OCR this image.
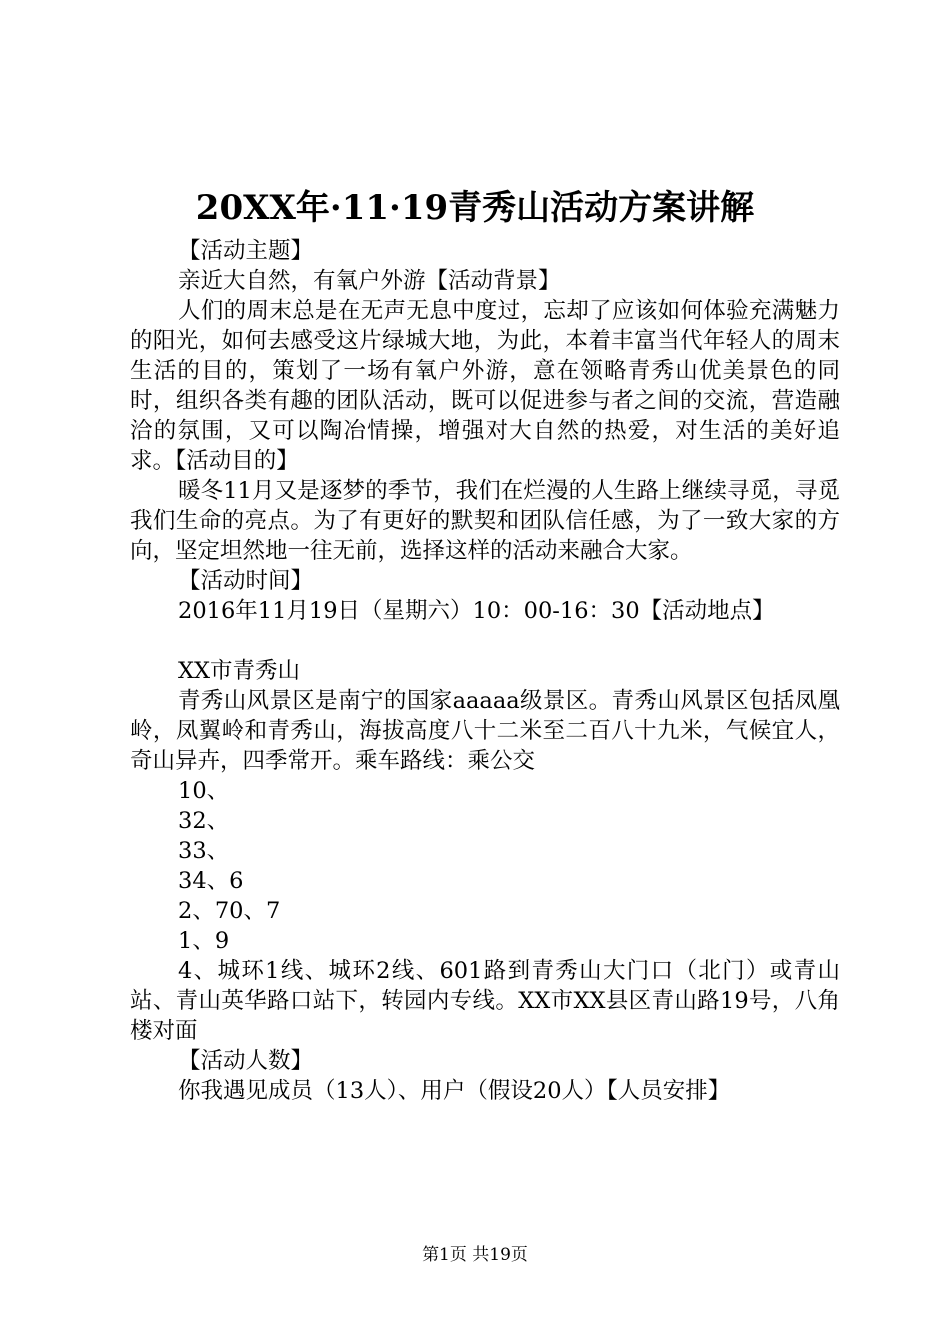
20XX年·11·19青秀山活动方案讲解

【活动主题】

亲近大自然，有氧户外游【活动背景】

人们的周末总是在无声无息中度过，忘却了应该如何体验充满魅力的阳光，如何去感受这片绿城大地，为此，本着丰富当代年轻人的周末生活的目的，策划了一场有氧户外游，意在领略青秀山优美景色的同时，组织各类有趣的团队活动，既可以促进参与者之间的交流，营造融洽的氛围，又可以陶冶情操，增强对大自然的热爱，对生活的美好追求。【活动目的】

暖冬11月又是逐梦的季节，我们在烂漫的人生路上继续寻觅，寻觅我们生命的亮点。为了有更好的默契和团队信任感，为了一致大家的方向，坚定坦然地一往无前，选择这样的活动来融合大家。

【活动时间】

2016年11月19日（星期六）10：00-16：30【活动地点】

XX市青秀山

青秀山风景区是南宁的国家aaaaa级景区。青秀山风景区包括凤凰岭，凤翼岭和青秀山，海拔高度八十二米至二百八十九米，气候宜人，奇山异卉，四季常开。乘车路线：乘公交

10、

32、

33、

34、6

2、70、7

1、9

4、城环1线、城环2线、601路到青秀山大门口（北门）或青山站、青山英华路口站下，转园内专线。XX市XX县区青山路19号，八角楼对面

【活动人数】

你我遇见成员（13人）、用户（假设20人）【人员安排】

第1页 共19页
